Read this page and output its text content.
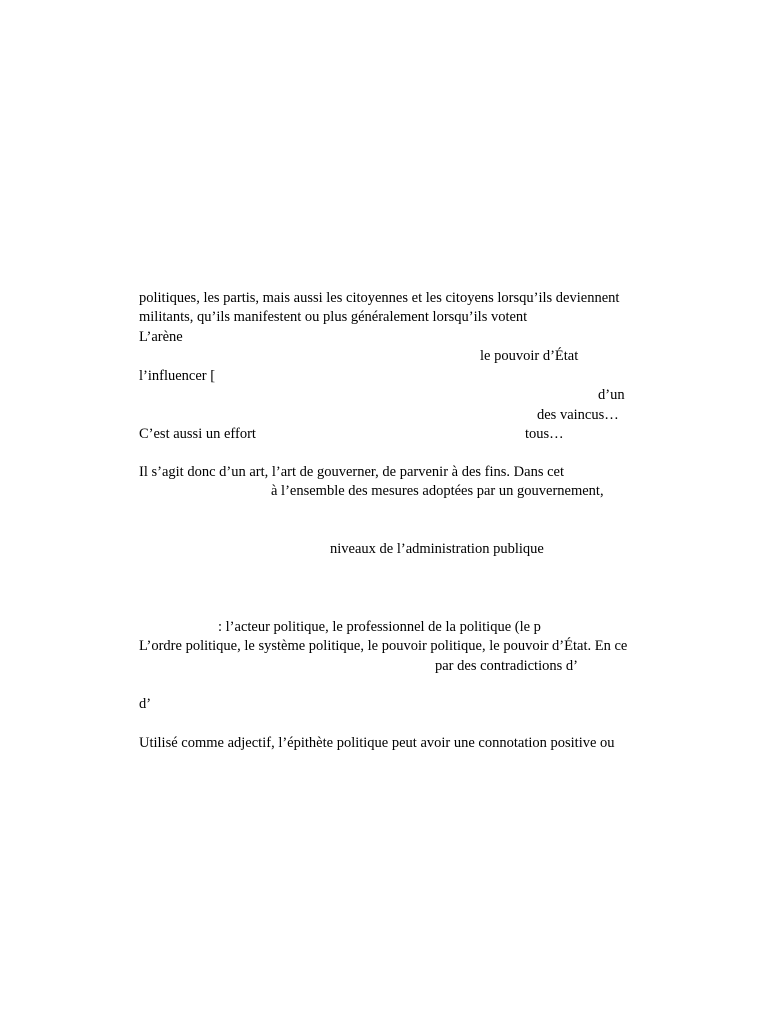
politiques, les partis, mais aussi les citoyennes et les citoyens lorsqu’ils deviennent
militants, qu’ils manifestent ou plus généralement lorsqu’ils votent
L’arène
le pouvoir d’État
l’influencer [
d’un
des vaincus…
C’est aussi un effort	tous…
Il s’agit donc d’un art, l’art de gouverner, de parvenir à des fins. Dans cet
à l’ensemble des mesures adoptées par un gouvernement,
niveaux de l’administration publique
: l’acteur politique, le professionnel de la politique (le p
L’ordre politique, le système politique, le pouvoir politique, le pouvoir d’État. En ce
par des contradictions d’
d’
Utilisé comme adjectif, l’épithète politique peut avoir une connotation positive ou
